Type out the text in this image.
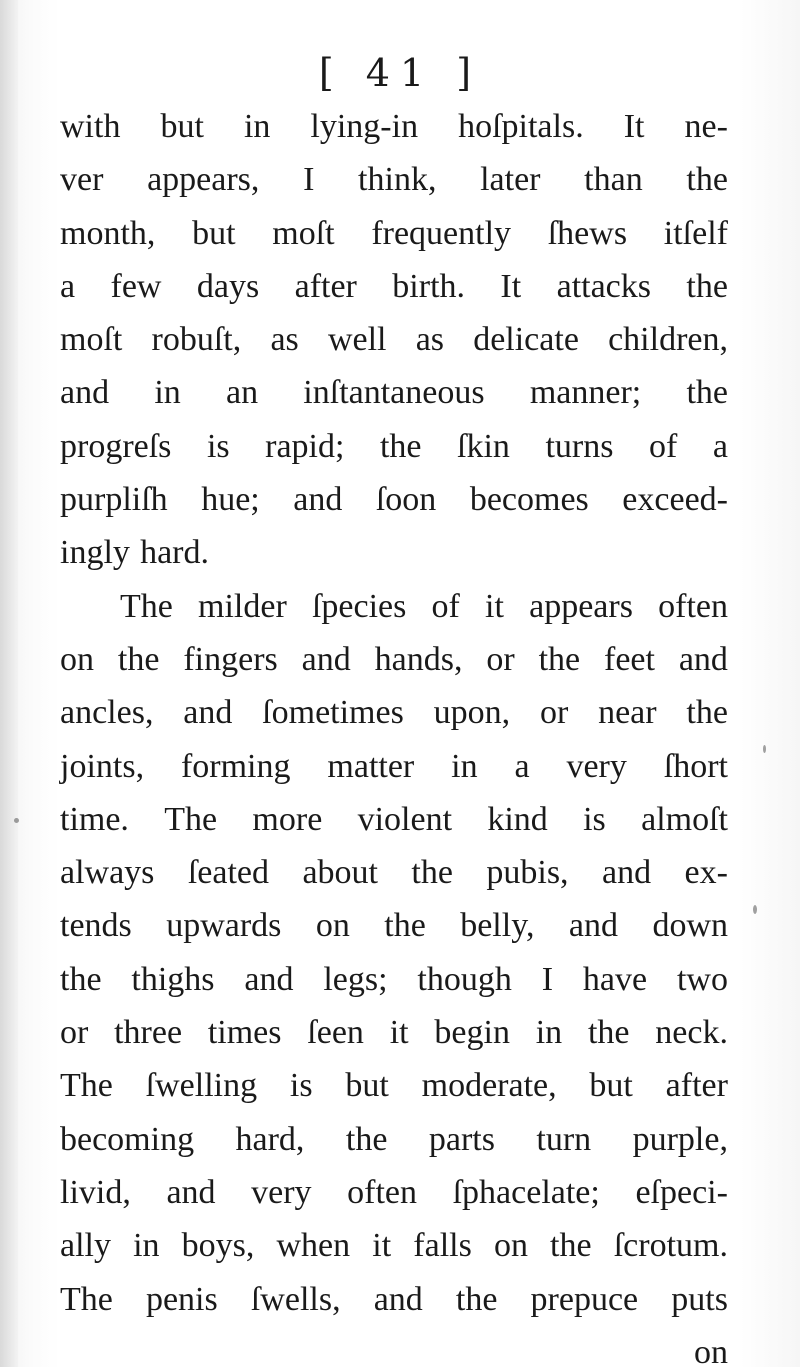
[ 41 ]
with but in lying-in hoſpitals. It ne-
ver appears, I think, later than the
month, but moſt frequently ſhews itſelf
a few days after birth. It attacks the
moſt robuſt, as well as delicate children,
and in an inſtantaneous manner; the
progreſs is rapid; the ſkin turns of a
purpliſh hue; and ſoon becomes exceed-
ingly hard.
The milder ſpecies of it appears often
on the fingers and hands, or the feet and
ancles, and ſometimes upon, or near the
joints, forming matter in a very ſhort
time. The more violent kind is almoſt
always ſeated about the pubis, and ex-
tends upwards on the belly, and down
the thighs and legs; though I have two
or three times ſeen it begin in the neck.
The ſwelling is but moderate, but after
becoming hard, the parts turn purple,
livid, and very often ſphacelate; eſpeci-
ally in boys, when it falls on the ſcrotum.
The penis ſwells, and the prepuce puts
on
